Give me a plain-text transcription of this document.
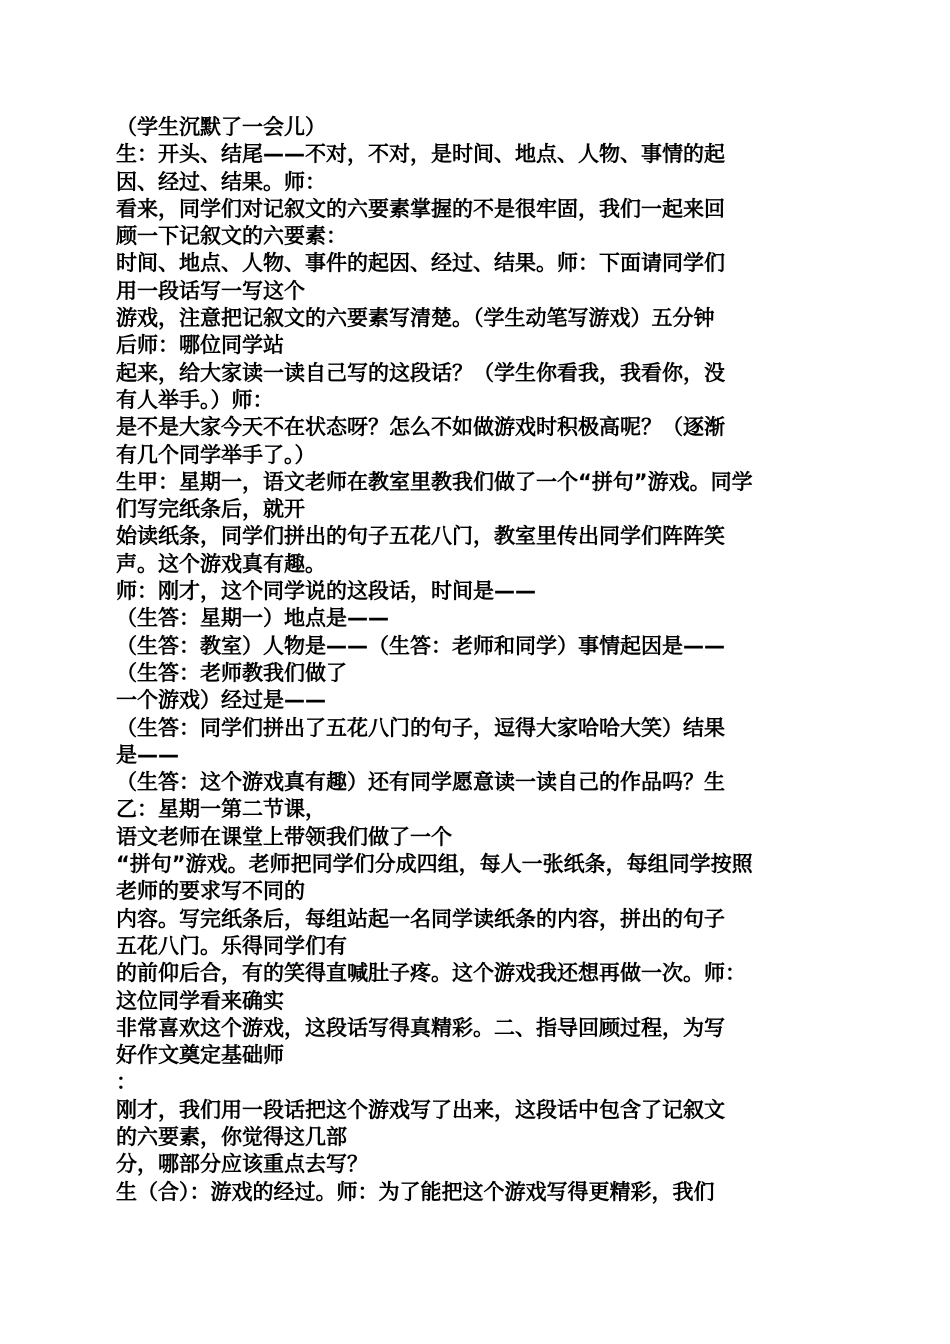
（学生沉默了一会儿）
生：开头、结尾——不对，不对，是时间、地点、人物、事情的起
因、经过、结果。师：
看来，同学们对记叙文的六要素掌握的不是很牢固，我们一起来回
顾一下记叙文的六要素：
时间、地点、人物、事件的起因、经过、结果。师：下面请同学们
用一段话写一写这个
游戏，注意把记叙文的六要素写清楚。（学生动笔写游戏）五分钟
后师：哪位同学站
起来，给大家读一读自己写的这段话？（学生你看我，我看你，没
有人举手。）师：
是不是大家今天不在状态呀？怎么不如做游戏时积极高呢？（逐渐
有几个同学举手了。）
生甲：星期一，语文老师在教室里教我们做了一个“拼句”游戏。同学
们写完纸条后，就开
始读纸条，同学们拼出的句子五花八门，教室里传出同学们阵阵笑
声。这个游戏真有趣。
师：刚才，这个同学说的这段话，时间是——
（生答：星期一）地点是——
（生答：教室）人物是——（生答：老师和同学）事情起因是——
（生答：老师教我们做了
一个游戏）经过是——
（生答：同学们拼出了五花八门的句子，逗得大家哈哈大笑）结果
是——
（生答：这个游戏真有趣）还有同学愿意读一读自己的作品吗？生
乙：星期一第二节课，
语文老师在课堂上带领我们做了一个
“拼句”游戏。老师把同学们分成四组，每人一张纸条，每组同学按照
老师的要求写不同的
内容。写完纸条后，每组站起一名同学读纸条的内容，拼出的句子
五花八门。乐得同学们有
的前仰后合，有的笑得直喊肚子疼。这个游戏我还想再做一次。师：
这位同学看来确实
非常喜欢这个游戏，这段话写得真精彩。二、指导回顾过程，为写
好作文奠定基础师
：
刚才，我们用一段话把这个游戏写了出来，这段话中包含了记叙文
的六要素，你觉得这几部
分，哪部分应该重点去写？
生（合）：游戏的经过。师：为了能把这个游戏写得更精彩，我们
